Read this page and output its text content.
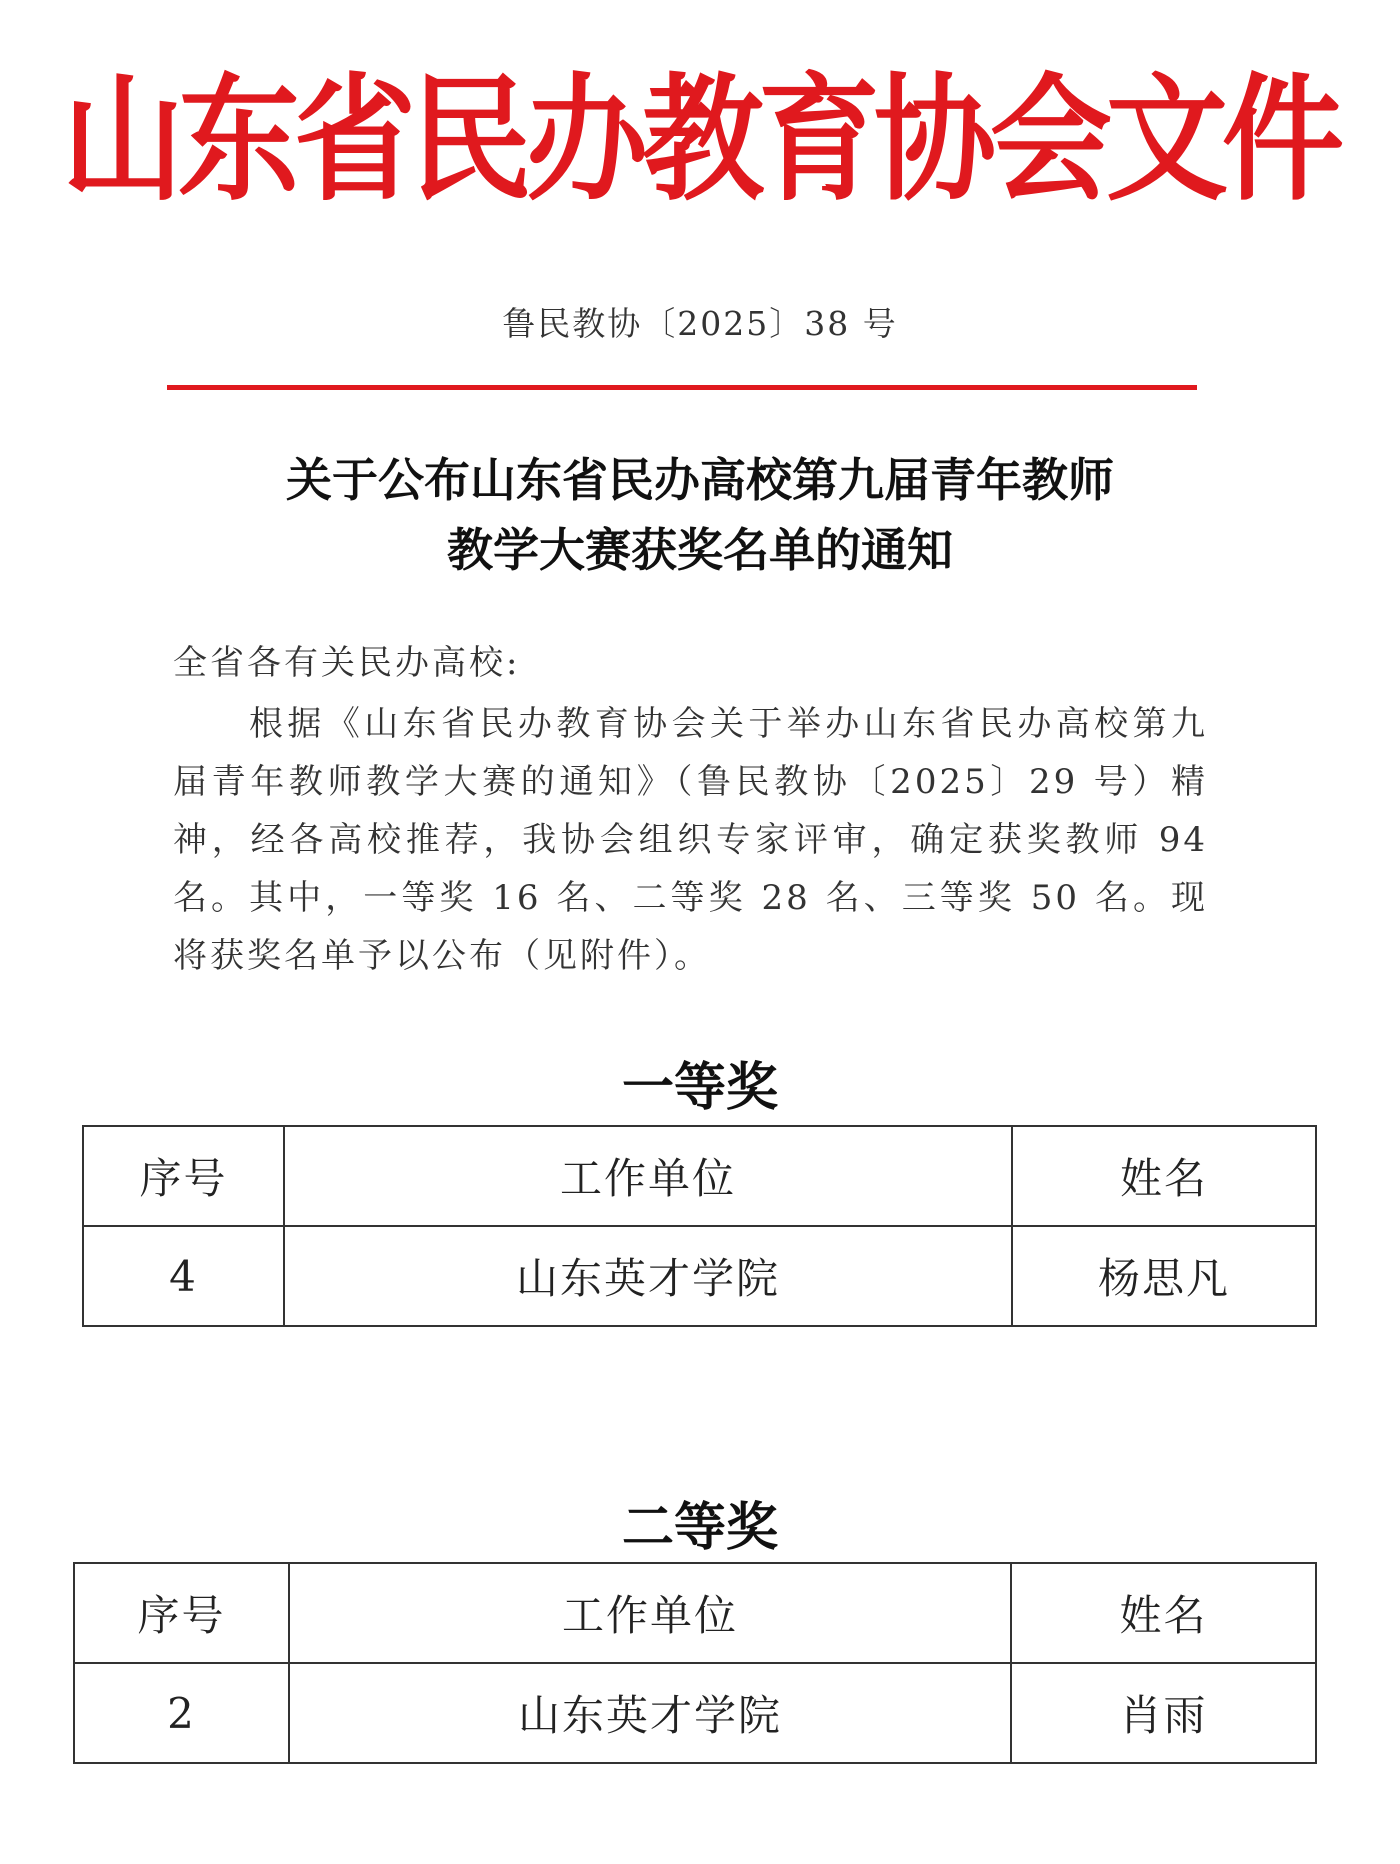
山东省民办教育协会文件
鲁民教协〔2025〕38 号
关于公布山东省民办高校第九届青年教师
教学大赛获奖名单的通知
全省各有关民办高校:
根据《山东省民办教育协会关于举办山东省民办高校第九届青年教师教学大赛的通知》（鲁民教协〔2025〕29 号）精神，经各高校推荐，我协会组织专家评审，确定获奖教师 94 名。其中，一等奖 16 名、二等奖 28 名、三等奖 50 名。现将获奖名单予以公布（见附件）。
一等奖
序号	工作单位	姓名
4	山东英才学院	杨思凡
二等奖
序号	工作单位	姓名
2	山东英才学院	肖雨
